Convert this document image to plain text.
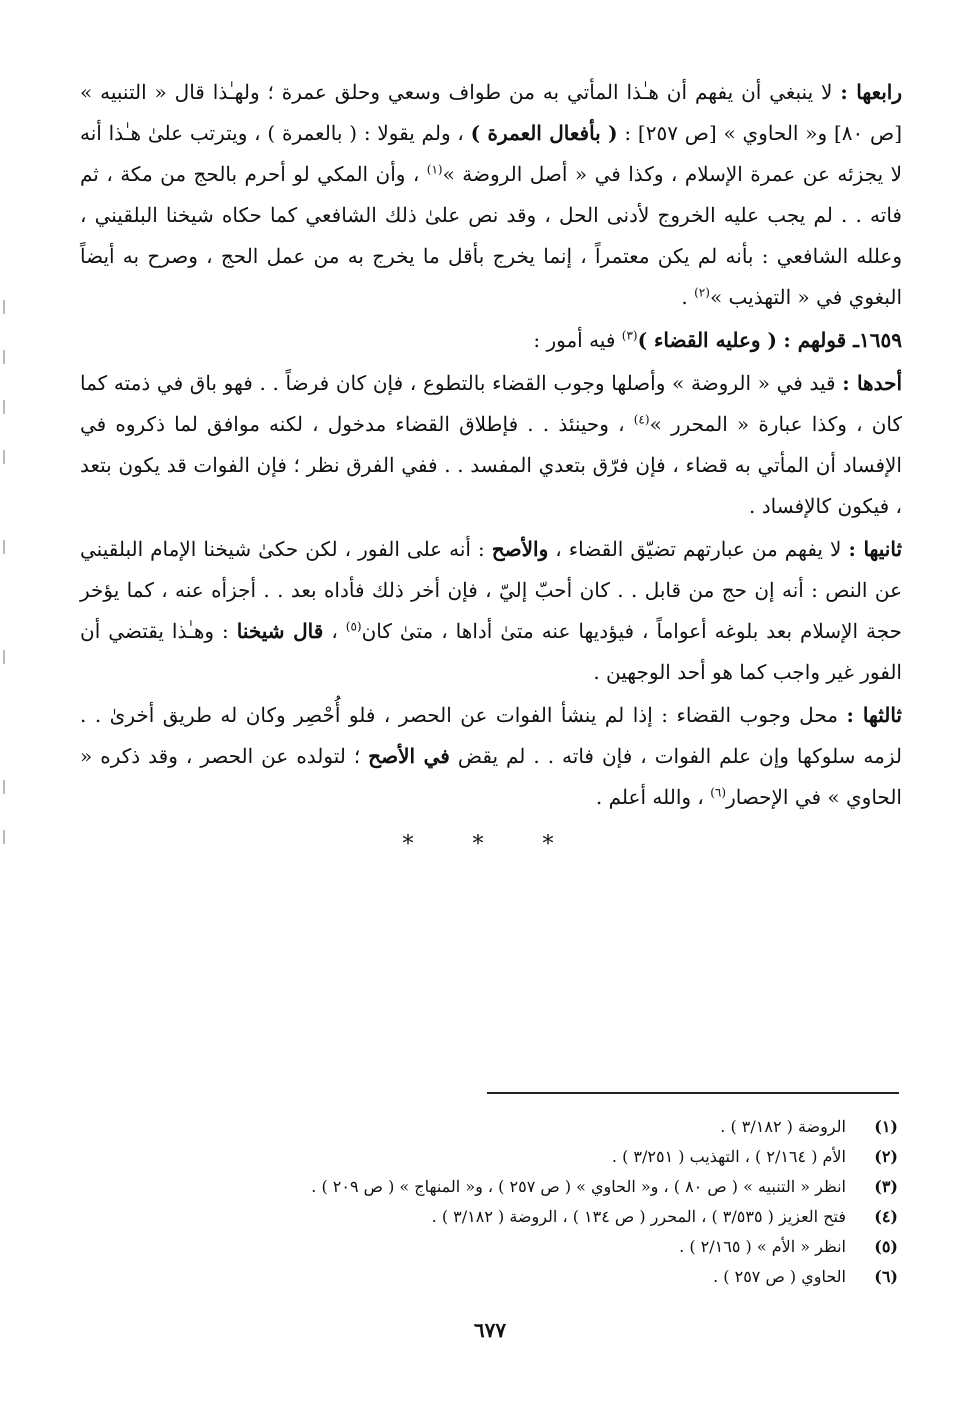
رابعها : لا ينبغي أن يفهم أن هـٰذا المأتي به من طواف وسعي وحلق عمرة ؛ ولهـٰذا قال « التنبيه » [ص ٨٠] و« الحاوي » [ص ٢٥٧] : ( بأفعال العمرة ) ، ولم يقولا : ( بالعمرة ) ، ويترتب علىٰ هـٰذا أنه لا يجزئه عن عمرة الإسلام ، وكذا في « أصل الروضة »$^{(١)}$ ، وأن المكي لو أحرم بالحج من مكة ، ثم فاته . . لم يجب عليه الخروج لأدنى الحل ، وقد نص علىٰ ذلك الشافعي كما حكاه شيخنا البلقيني ، وعلله الشافعي : بأنه لم يكن معتمراً ، إنما يخرج بأقل ما يخرج به من عمل الحج ، وصرح به أيضاً البغوي في « التهذيب »$^{(٢)}$ .

١٦٥٩ـ قولهم : ( وعليه القضاء )$^{(٣)}$ فيه أمور :

أحدها : قيد في « الروضة » وأصلها وجوب القضاء بالتطوع ، فإن كان فرضاً . . فهو باق في ذمته كما كان ، وكذا عبارة « المحرر »$^{(٤)}$ ، وحينئذ . . فإطلاق القضاء مدخول ، لكنه موافق لما ذكروه في الإفساد أن المأتي به قضاء ، فإن فرّق بتعدي المفسد . . ففي الفرق نظر ؛ فإن الفوات قد يكون بتعد ، فيكون كالإفساد .

ثانيها : لا يفهم من عبارتهم تضيّق القضاء ، والأصح : أنه على الفور ، لكن حكىٰ شيخنا الإمام البلقيني عن النص : أنه إن حج من قابل . . كان أحبّ إليّ ، فإن أخر ذلك فأداه بعد . . أجزأه عنه ، كما يؤخر حجة الإسلام بعد بلوغه أعواماً ، فيؤديها عنه متىٰ أداها ، متىٰ كان$^{(٥)}$ ، قال شيخنا : وهـٰذا يقتضي أن الفور غير واجب كما هو أحد الوجهين .

ثالثها : محل وجوب القضاء : إذا لم ينشأ الفوات عن الحصر ، فلو أُحْصِر وكان له طريق أخرىٰ . . لزمه سلوكها وإن علم الفوات ، فإن فاته . . لم يقض في الأصح ؛ لتولده عن الحصر ، وقد ذكره « الحاوي » في الإحصار$^{(٦)}$ ، والله أعلم .

* * *

(١)
الروضة ( ٣/١٨٢ ) .
(٢)
الأم ( ٢/١٦٤ ) ، التهذيب ( ٣/٢٥١ ) .
(٣)
انظر « التنبيه » ( ص ٨٠ ) ، و« الحاوي » ( ص ٢٥٧ ) ، و« المنهاج » ( ص ٢٠٩ ) .
(٤)
فتح العزيز ( ٣/٥٣٥ ) ، المحرر ( ص ١٣٤ ) ، الروضة ( ٣/١٨٢ ) .
(٥)
انظر « الأم » ( ٢/١٦٥ ) .
(٦)
الحاوي ( ص ٢٥٧ ) .
٦٧٧
